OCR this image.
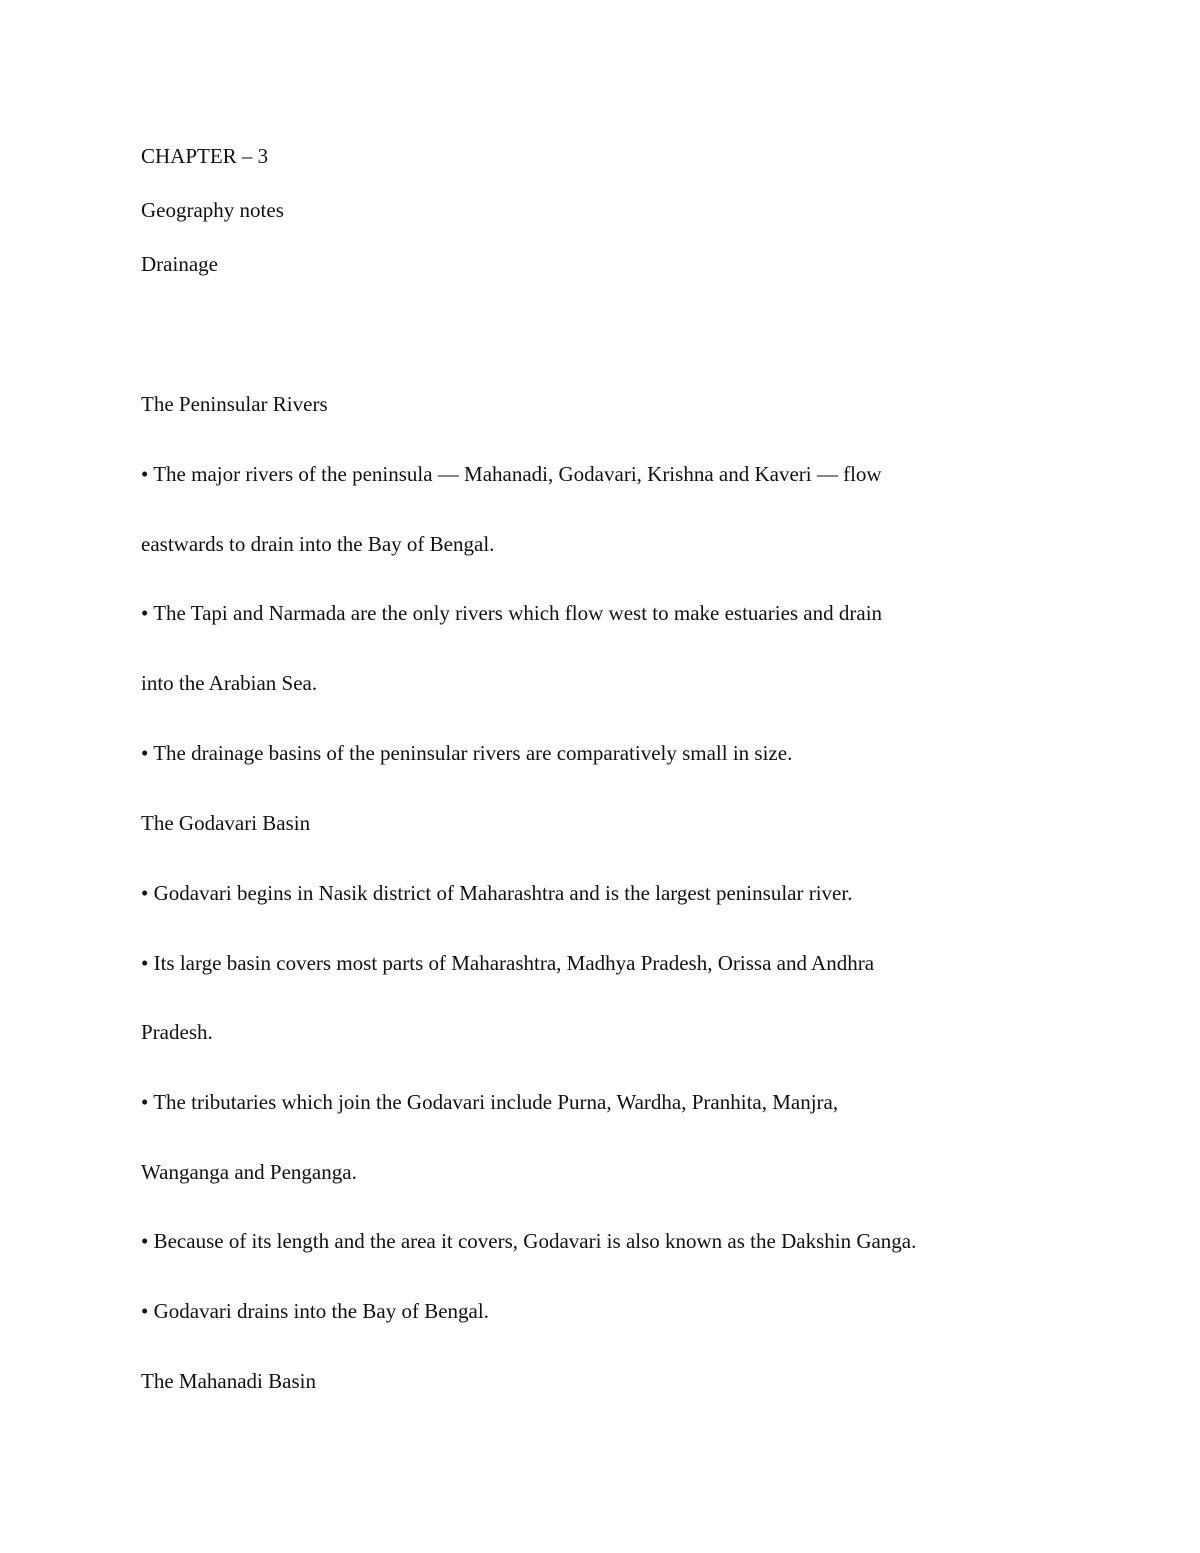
CHAPTER – 3

Geography notes

Drainage

The Peninsular Rivers

• The major rivers of the peninsula — Mahanadi, Godavari, Krishna and Kaveri — flow

eastwards to drain into the Bay of Bengal.

• The Tapi and Narmada are the only rivers which flow west to make estuaries and drain

into the Arabian Sea.

• The drainage basins of the peninsular rivers are comparatively small in size.

The Godavari Basin

• Godavari begins in Nasik district of Maharashtra and is the largest peninsular river.

• Its large basin covers most parts of Maharashtra, Madhya Pradesh, Orissa and Andhra

Pradesh.

• The tributaries which join the Godavari include Purna, Wardha, Pranhita, Manjra,

Wanganga and Penganga.

• Because of its length and the area it covers, Godavari is also known as the Dakshin Ganga.

• Godavari drains into the Bay of Bengal.

The Mahanadi Basin
